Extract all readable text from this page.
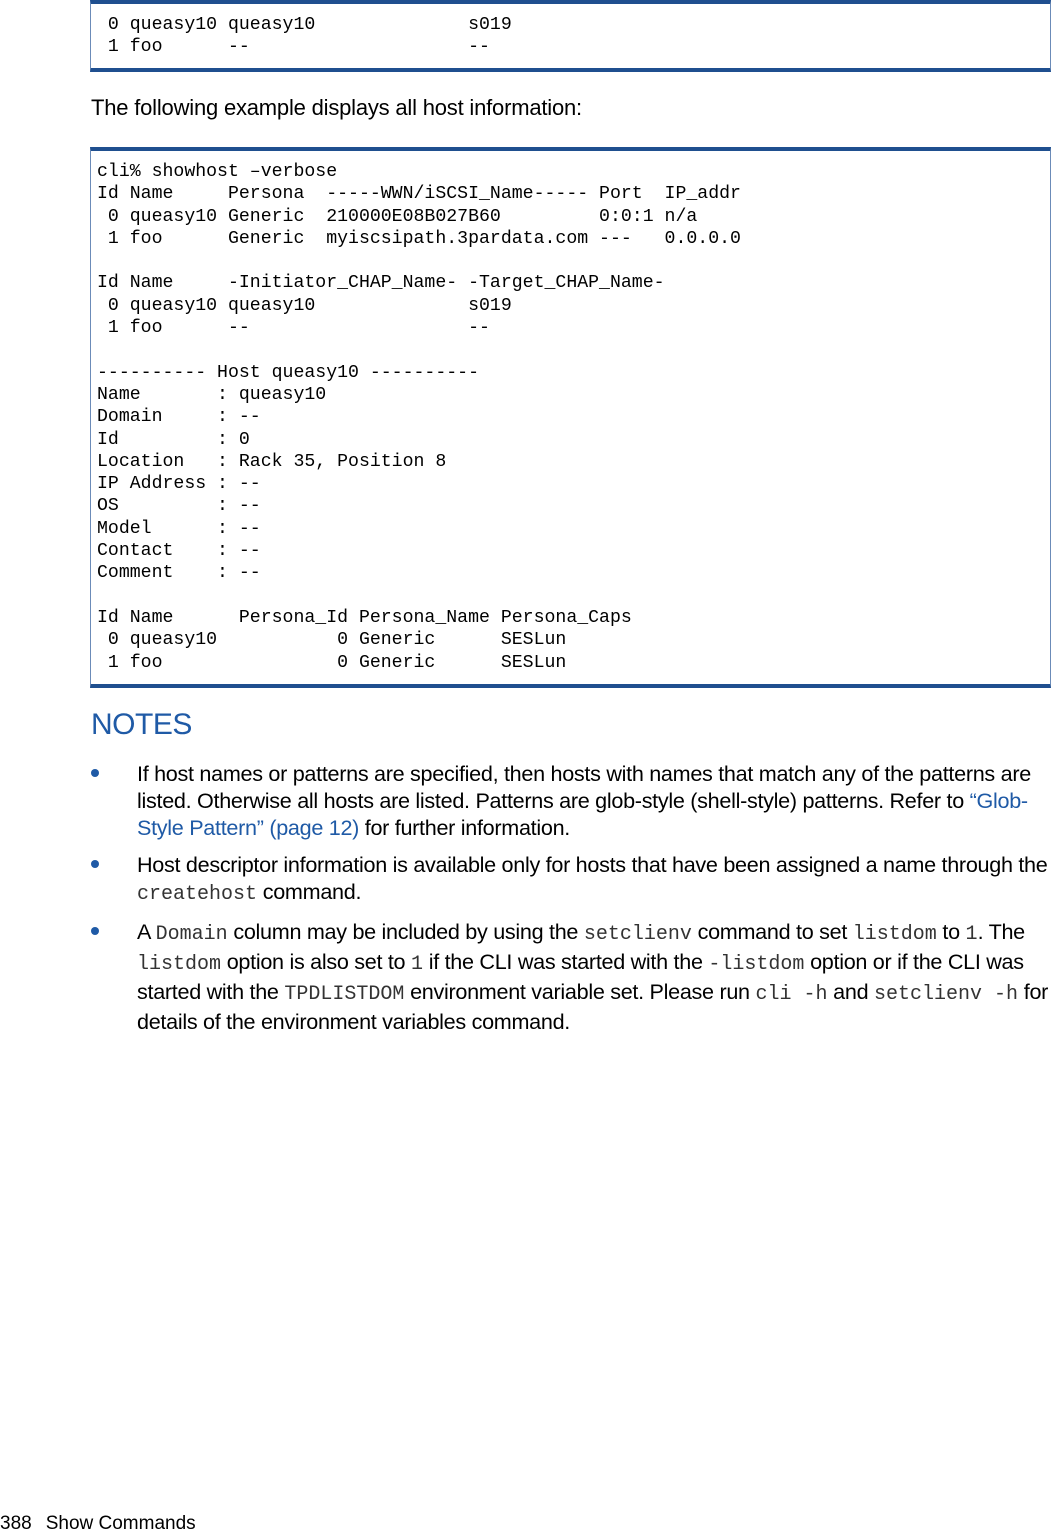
0 queasy10 queasy10              s019
1 foo      --                    --
The following example displays all host information:
cli% showhost –verbose
Id Name     Persona  -----WWN/iSCSI_Name----- Port  IP_addr
0 queasy10 Generic  210000E08B027B60         0:0:1 n/a
1 foo      Generic  myiscsipath.3pardata.com ---   0.0.0.0

Id Name     -Initiator_CHAP_Name- -Target_CHAP_Name-
0 queasy10 queasy10              s019
1 foo      --                    --

---------- Host queasy10 ----------
Name       : queasy10
Domain     : --
Id         : 0
Location   : Rack 35, Position 8
IP Address : --
OS         : --
Model      : --
Contact    : --
Comment    : --

Id Name      Persona_Id Persona_Name Persona_Caps
0 queasy10           0 Generic      SESLun
1 foo                0 Generic      SESLun
NOTES
If host names or patterns are specified, then hosts with names that match any of the patterns are listed. Otherwise all hosts are listed. Patterns are glob-style (shell-style) patterns. Refer to “Glob-Style Pattern” (page 12) for further information.
Host descriptor information is available only for hosts that have been assigned a name through the createhost command.
A Domain column may be included by using the setclienv command to set listdom to 1. The listdom option is also set to 1 if the CLI was started with the -listdom option or if the CLI was started with the TPDLISTDOM environment variable set. Please run cli -h and setclienv -h for details of the environment variables command.
388 Show Commands
